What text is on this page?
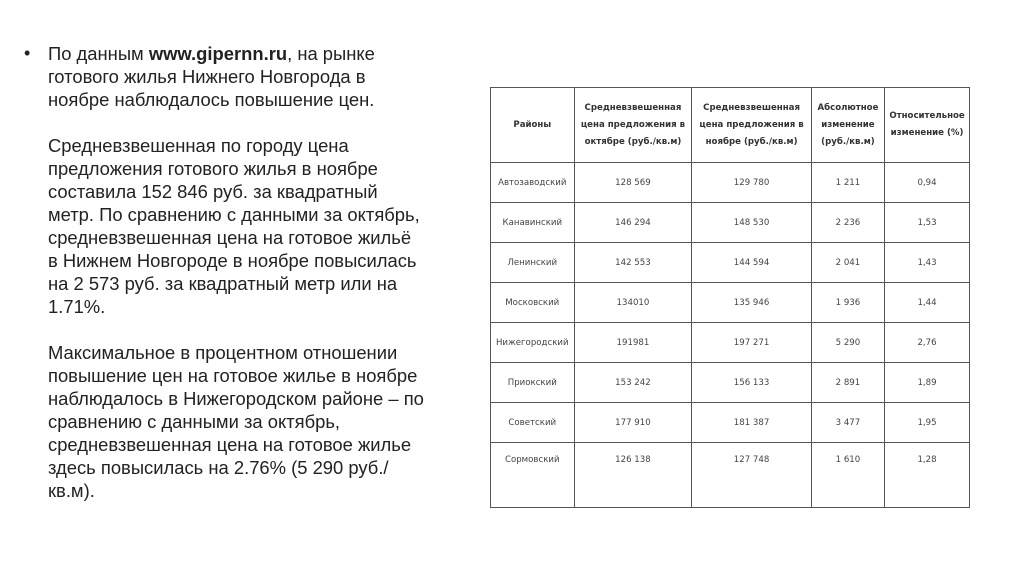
• По данным www.gipernn.ru, на рынке готового жилья Нижнего Новгорода в ноябре наблюдалось повышение цен.

Средневзвешенная по городу цена предложения готового жилья в ноябре составила 152 846 руб. за квадратный метр. По сравнению с данными за октябрь, средневзвешенная цена на готовое жильё в Нижнем Новгороде в ноябре повысилась на 2 573 руб. за квадратный метр или на 1.71%.

Максимальное в процентном отношении повышение цен на готовое жилье в ноябре наблюдалось в Нижегородском районе – по сравнению с данными за октябрь, средневзвешенная цена на готовое жилье здесь повысилась на 2.76% (5 290 руб./кв.м).

Районы	Средневзвешенная цена предложения в октябре (руб./кв.м)	Средневзвешенная цена предложения в ноябре (руб./кв.м)	Абсолютное изменение (руб./кв.м)	Относительное изменение (%)
Автозаводский	128 569	129 780	1 211	0,94
Канавинский	146 294	148 530	2 236	1,53
Ленинский	142 553	144 594	2 041	1,43
Московский	134010	135 946	1 936	1,44
Нижегородский	191981	197 271	5 290	2,76
Приокский	153 242	156 133	2 891	1,89
Советский	177 910	181 387	3 477	1,95
Сормовский	126 138	127 748	1 610	1,28
